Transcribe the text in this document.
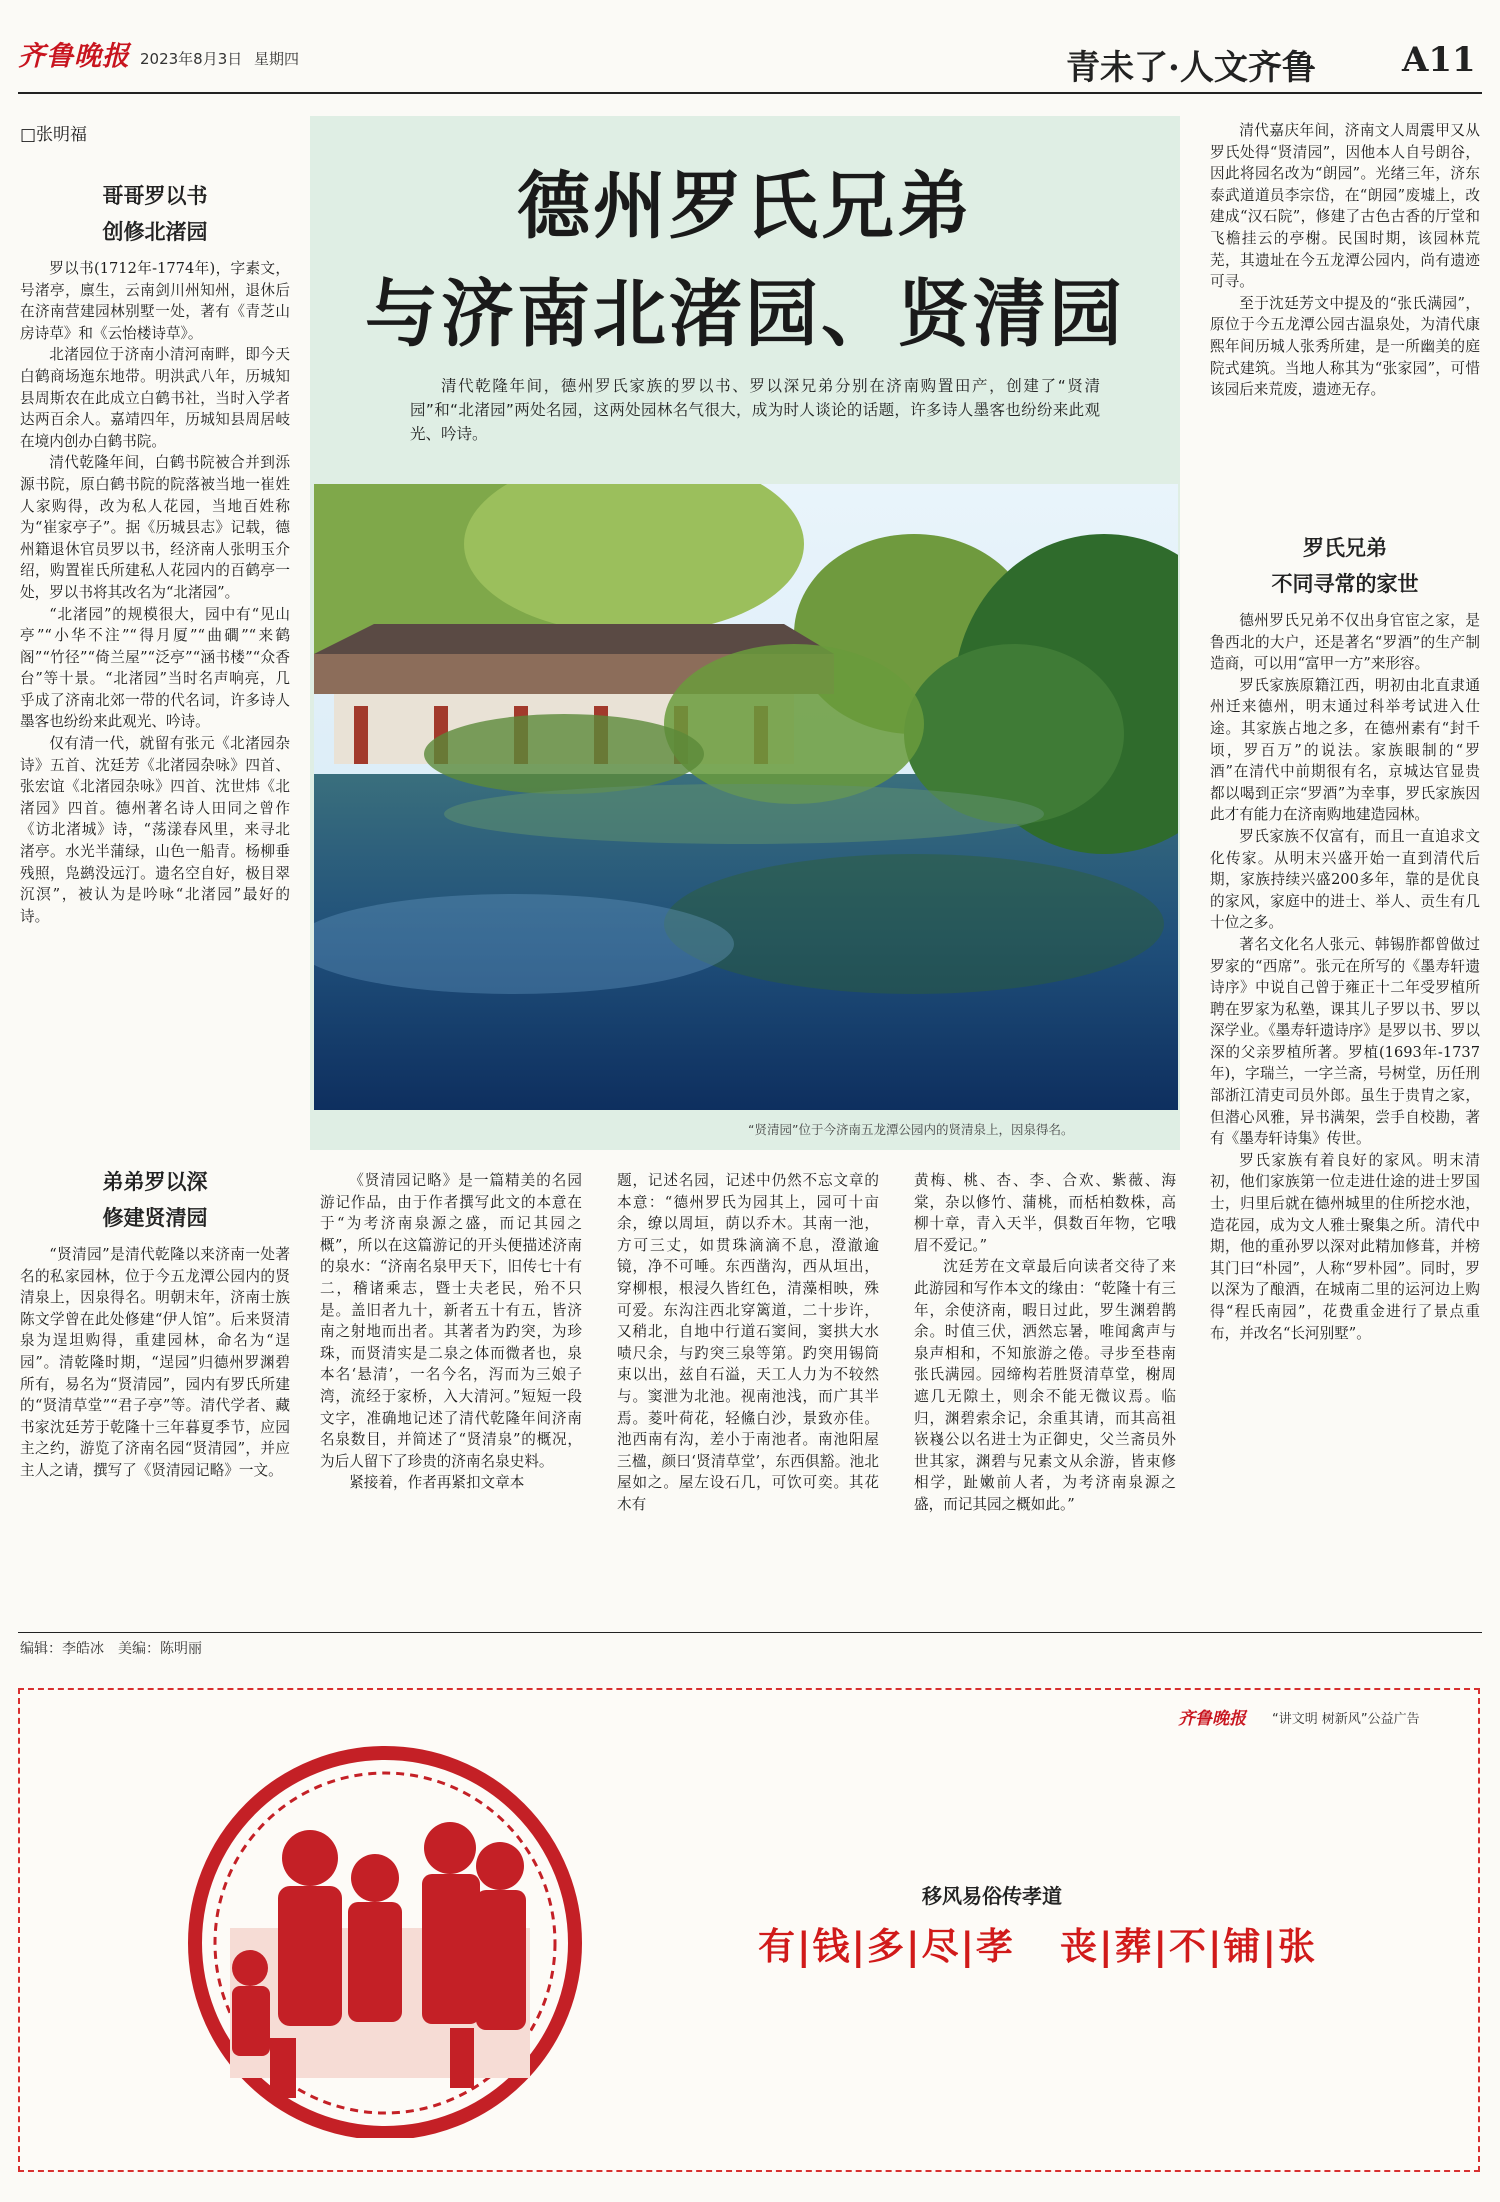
齐鲁晚报 2023年8月3日 星期四	青未了·人文齐鲁	A11
□张明福
哥哥罗以书
创修北渚园

罗以书(1712年-1774年)，字素文，号渚亭，廪生，云南剑川州知州，退休后在济南营建园林别墅一处，著有《青芝山房诗草》和《云怡楼诗草》。

北渚园位于济南小清河南畔，即今天白鹤商场迤东地带。明洪武八年，历城知县周斯农在此成立白鹤书社，当时入学者达两百余人。嘉靖四年，历城知县周居岐在境内创办白鹤书院。

清代乾隆年间，白鹤书院被合并到泺源书院，原白鹤书院的院落被当地一崔姓人家购得，改为私人花园，当地百姓称为“崔家亭子”。据《历城县志》记载，德州籍退休官员罗以书，经济南人张明玉介绍，购置崔氏所建私人花园内的百鹤亭一处，罗以书将其改名为“北渚园”。

“北渚园”的规模很大，园中有“见山亭”“小华不注”“得月厦”“曲磵”“来鹤阁”“竹径”“倚兰屋”“泛亭”“涵书楼”“众香台”等十景。“北渚园”当时名声响亮，几乎成了济南北郊一带的代名词，许多诗人墨客也纷纷来此观光、吟诗。

仅有清一代，就留有张元《北渚园杂诗》五首、沈廷芳《北渚园杂咏》四首、张宏谊《北渚园杂咏》四首、沈世炜《北渚园》四首。德州著名诗人田同之曾作《访北渚城》诗，“荡漾春风里，来寻北渚亭。水光半蒲绿，山色一船青。杨柳垂残照，凫鹚没远汀。遗名空自好，极目翠沉溟”，被认为是吟咏“北渚园”最好的诗。

弟弟罗以深
修建贤清园

“贤清园”是清代乾隆以来济南一处著名的私家园林，位于今五龙潭公园内的贤清泉上，因泉得名。明朝末年，济南士族陈文学曾在此处修建“伊人馆”。后来贤清泉为逞坦购得，重建园林，命名为“逞园”。清乾隆时期，“逞园”归德州罗渊碧所有，易名为“贤清园”，园内有罗氏所建的“贤清草堂”“君子亭”等。清代学者、藏书家沈廷芳于乾隆十三年暮夏季节，应园主之约，游览了济南名园“贤清园”，并应主人之请，撰写了《贤清园记略》一文。

德州罗氏兄弟
与济南北渚园、贤清园
清代乾隆年间，德州罗氏家族的罗以书、罗以深兄弟分别在济南购置田产，创建了“贤清园”和“北渚园”两处名园，这两处园林名气很大，成为时人谈论的话题，许多诗人墨客也纷纷来此观光、吟诗。
“贤清园”位于今济南五龙潭公园内的贤清泉上，因泉得名。

《贤清园记略》是一篇精美的名园游记作品，由于作者撰写此文的本意在于“为考济南泉源之盛，而记其园之概”，所以在这篇游记的开头便描述济南的泉水：“济南名泉甲天下，旧传七十有二，稽诸乘志，暨士夫老民，殆不只是。盖旧者九十，新者五十有五，皆济南之射地而出者。其著者为趵突，为珍珠，而贤清实是二泉之体而微者也，泉本名‘悬清’，一名今名，泻而为三娘子湾，流经于家桥，入大清河。”短短一段文字，准确地记述了清代乾隆年间济南名泉数目，并简述了“贤清泉”的概况，为后人留下了珍贵的济南名泉史料。

紧接着，作者再紧扣文章本

题，记述名园，记述中仍然不忘文章的本意：“德州罗氏为园其上，园可十亩余，缭以周垣，荫以乔木。其南一池，方可三丈，如贯珠滴滴不息，澄澈逾镜，净不可唾。东西凿沟，西从垣出，穿柳根，根浸久皆红色，清藻相映，殊可爱。东沟注西北穿篱道，二十步许，又稍北，自地中行道石窦间，窦拱大水啧尺余，与趵突三泉等第。趵突用锡筒束以出，兹自石溢，天工人力为不较然与。窦泄为北池。视南池浅，而广其半焉。菱叶荷花，轻鯈白沙，景致亦佳。池西南有沟，差小于南池者。南池阳屋三楹，颜曰‘贤清草堂’，东西俱豁。池北屋如之。屋左设石几，可饮可奕。其花木有

黄梅、桃、杏、李、合欢、紫薇、海棠，杂以修竹、蒲桃，而栝柏数株，高柳十章，青入天半，俱数百年物，它哦眉不爱记。”

沈廷芳在文章最后向读者交待了来此游园和写作本文的缘由：“乾隆十有三年，余使济南，暇日过此，罗生渊碧鹊余。时值三伏，洒然忘暑，唯闻禽声与泉声相和，不知旅游之倦。寻步至巷南张氏满园。园缔构若胜贤清草堂，榭周遮几无隙土，则余不能无微议焉。临归，渊碧索余记，余重其请，而其高祖嵚嶘公以名进士为正御史，父兰斋员外世其家，渊碧与兄素文从余游，皆束修相学，趾嫩前人者，为考济南泉源之盛，而记其园之概如此。”

清代嘉庆年间，济南文人周震甲又从罗氏处得“贤清园”，因他本人自号朗谷，因此将园名改为“朗园”。光绪三年，济东泰武道道员李宗岱，在“朗园”废墟上，改建成“汉石院”，修建了古色古香的厅堂和飞檐挂云的亭榭。民国时期，该园林荒芜，其遗址在今五龙潭公园内，尚有遗迹可寻。

至于沈廷芳文中提及的“张氏满园”，原位于今五龙潭公园古温泉处，为清代康熙年间历城人张秀所建，是一所幽美的庭院式建筑。当地人称其为“张家园”，可惜该园后来荒废，遗迹无存。

罗氏兄弟
不同寻常的家世

德州罗氏兄弟不仅出身官宦之家，是鲁西北的大户，还是著名“罗酒”的生产制造商，可以用“富甲一方”来形容。

罗氏家族原籍江西，明初由北直隶通州迁来德州，明末通过科举考试进入仕途。其家族占地之多，在德州素有“封千顷，罗百万”的说法。家族眼制的“罗酒”在清代中前期很有名，京城达官显贵都以喝到正宗“罗酒”为幸事，罗氏家族因此才有能力在济南购地建造园林。

罗氏家族不仅富有，而且一直追求文化传家。从明末兴盛开始一直到清代后期，家族持续兴盛200多年，靠的是优良的家风，家庭中的进士、举人、贡生有几十位之多。

著名文化名人张元、韩锡胙都曾做过罗家的“西席”。张元在所写的《墨寿轩遗诗序》中说自己曾于雍正十二年受罗植所聘在罗家为私塾，课其儿子罗以书、罗以深学业。《墨寿轩遗诗序》是罗以书、罗以深的父亲罗植所著。罗植(1693年-1737年)，字瑞兰，一字兰斋，号树堂，历任刑部浙江清吏司员外郎。虽生于贵胄之家，但潜心风雅，异书满架，尝手自校勘，著有《墨寿轩诗集》传世。

罗氏家族有着良好的家风。明末清初，他们家族第一位走进仕途的进士罗国士，归里后就在德州城里的住所挖水池，造花园，成为文人雅士聚集之所。清代中期，他的重孙罗以深对此精加修葺，并榜其门曰“朴园”，人称“罗朴园”。同时，罗以深为了酿酒，在城南二里的运河边上购得“程氏南园”，花费重金进行了景点重布，并改名“长河别墅”。

编辑：李皓冰　美编：陈明丽
齐鲁晚报 “讲文明 树新风”公益广告
移风易俗传孝道
有|钱|多|尽|孝 丧|葬|不|铺|张
